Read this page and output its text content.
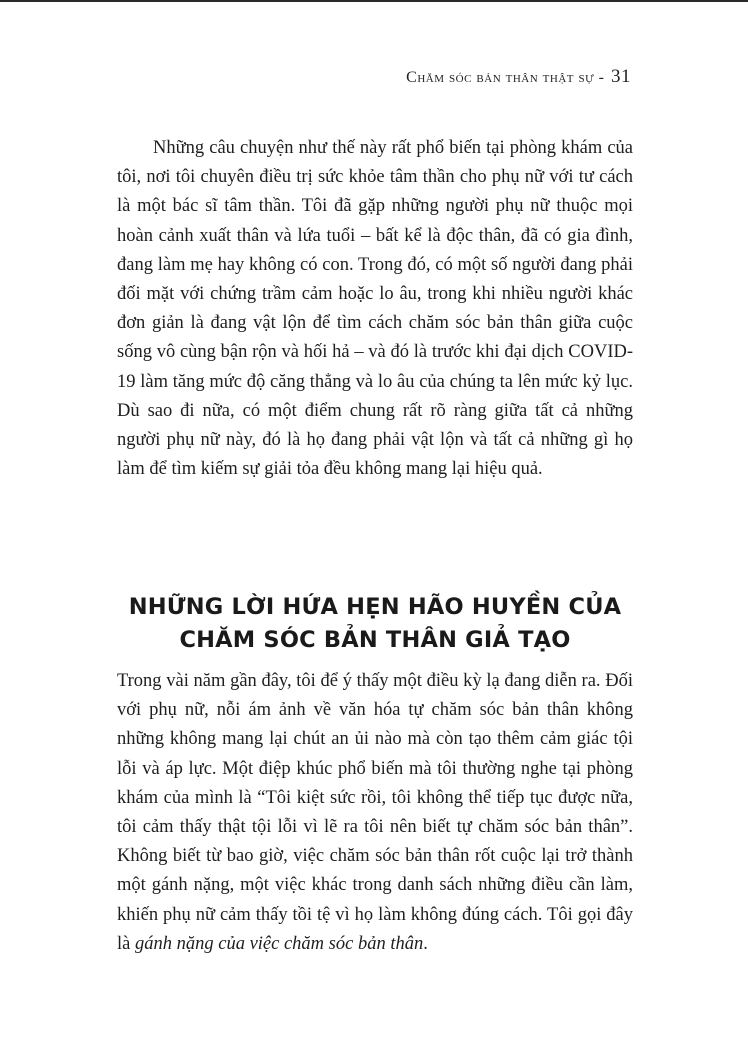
Chăm sóc bản thân thật sự - 31

Những câu chuyện như thế này rất phổ biến tại phòng khám của tôi, nơi tôi chuyên điều trị sức khỏe tâm thần cho phụ nữ với tư cách là một bác sĩ tâm thần. Tôi đã gặp những người phụ nữ thuộc mọi hoàn cảnh xuất thân và lứa tuổi – bất kể là độc thân, đã có gia đình, đang làm mẹ hay không có con. Trong đó, có một số người đang phải đối mặt với chứng trầm cảm hoặc lo âu, trong khi nhiều người khác đơn giản là đang vật lộn để tìm cách chăm sóc bản thân giữa cuộc sống vô cùng bận rộn và hối hả – và đó là trước khi đại dịch COVID-19 làm tăng mức độ căng thẳng và lo âu của chúng ta lên mức kỷ lục. Dù sao đi nữa, có một điểm chung rất rõ ràng giữa tất cả những người phụ nữ này, đó là họ đang phải vật lộn và tất cả những gì họ làm để tìm kiếm sự giải tỏa đều không mang lại hiệu quả.

NHỮNG LỜI HỨA HẸN HÃO HUYỀN CỦA
CHĂM SÓC BẢN THÂN GIẢ TẠO

Trong vài năm gần đây, tôi để ý thấy một điều kỳ lạ đang diễn ra. Đối với phụ nữ, nỗi ám ảnh về văn hóa tự chăm sóc bản thân không những không mang lại chút an ủi nào mà còn tạo thêm cảm giác tội lỗi và áp lực. Một điệp khúc phổ biến mà tôi thường nghe tại phòng khám của mình là “Tôi kiệt sức rồi, tôi không thể tiếp tục được nữa, tôi cảm thấy thật tội lỗi vì lẽ ra tôi nên biết tự chăm sóc bản thân”. Không biết từ bao giờ, việc chăm sóc bản thân rốt cuộc lại trở thành một gánh nặng, một việc khác trong danh sách những điều cần làm, khiến phụ nữ cảm thấy tồi tệ vì họ làm không đúng cách. Tôi gọi đây là gánh nặng của việc chăm sóc bản thân.
